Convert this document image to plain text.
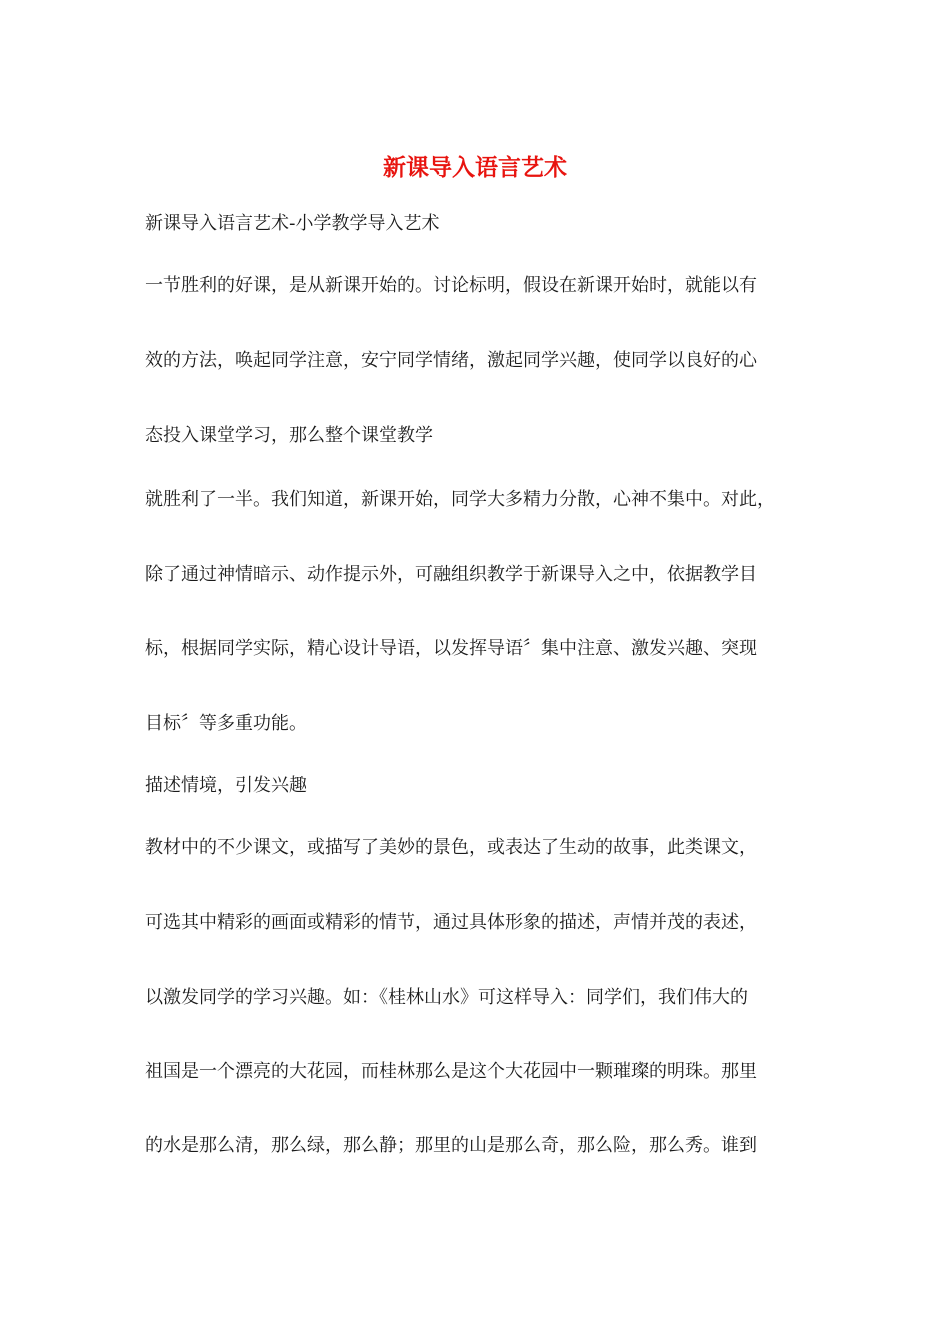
新课导入语言艺术

新课导入语言艺术-小学教学导入艺术

一节胜利的好课，是从新课开始的。讨论标明，假设在新课开始时，就能以有

效的方法，唤起同学注意，安宁同学情绪，激起同学兴趣，使同学以良好的心

态投入课堂学习，那么整个课堂教学

就胜利了一半。我们知道，新课开始，同学大多精力分散，心神不集中。对此，

除了通过神情暗示、动作提示外，可融组织教学于新课导入之中，依据教学目

标，根据同学实际，精心设计导语，以发挥导语〞集中注意、激发兴趣、突现

目标〞等多重功能。

描述情境，引发兴趣

教材中的不少课文，或描写了美妙的景色，或表达了生动的故事，此类课文，

可选其中精彩的画面或精彩的情节，通过具体形象的描述，声情并茂的表述，

以激发同学的学习兴趣。如：《桂林山水》可这样导入：同学们，我们伟大的

祖国是一个漂亮的大花园，而桂林那么是这个大花园中一颗璀璨的明珠。那里

的水是那么清，那么绿，那么静；那里的山是那么奇，那么险，那么秀。谁到
